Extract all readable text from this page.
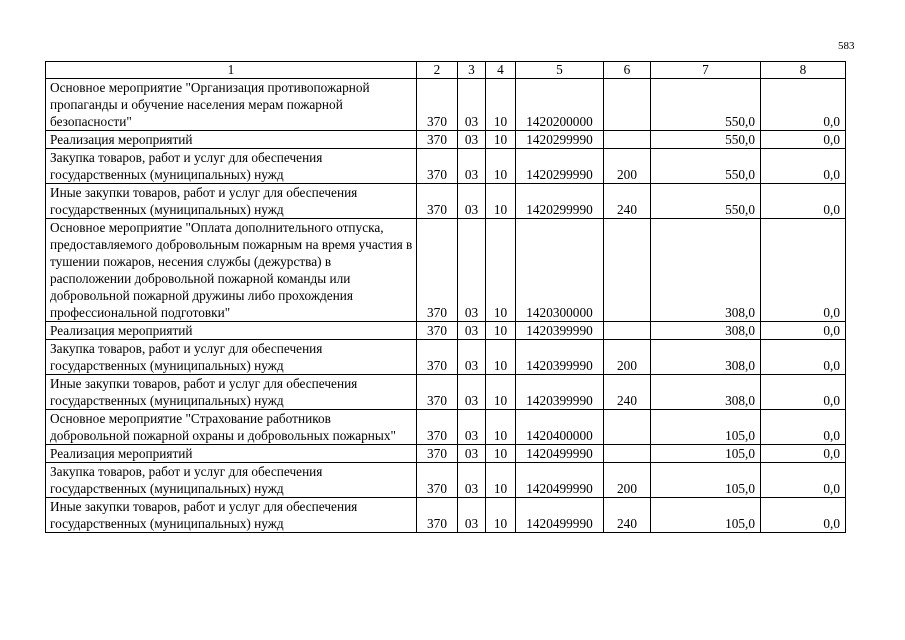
583
1	2	3	4	5	6	7	8
Основное мероприятие "Организация противопожарной пропаганды и обучение населения мерам пожарной безопасности"	370	03	10	1420200000		550,0	0,0
Реализация мероприятий	370	03	10	1420299990		550,0	0,0
Закупка товаров, работ и услуг для обеспечения государственных (муниципальных) нужд	370	03	10	1420299990	200	550,0	0,0
Иные закупки товаров, работ и услуг для обеспечения государственных (муниципальных) нужд	370	03	10	1420299990	240	550,0	0,0
Основное мероприятие "Оплата дополнительного отпуска, предоставляемого добровольным пожарным на время участия в тушении пожаров, несения службы (дежурства) в расположении добровольной пожарной команды или добровольной пожарной дружины либо прохождения профессиональной подготовки"	370	03	10	1420300000		308,0	0,0
Реализация мероприятий	370	03	10	1420399990		308,0	0,0
Закупка товаров, работ и услуг для обеспечения государственных (муниципальных) нужд	370	03	10	1420399990	200	308,0	0,0
Иные закупки товаров, работ и услуг для обеспечения государственных (муниципальных) нужд	370	03	10	1420399990	240	308,0	0,0
Основное мероприятие "Страхование работников добровольной пожарной охраны и добровольных пожарных"	370	03	10	1420400000		105,0	0,0
Реализация мероприятий	370	03	10	1420499990		105,0	0,0
Закупка товаров, работ и услуг для обеспечения государственных (муниципальных) нужд	370	03	10	1420499990	200	105,0	0,0
Иные закупки товаров, работ и услуг для обеспечения государственных (муниципальных) нужд	370	03	10	1420499990	240	105,0	0,0
